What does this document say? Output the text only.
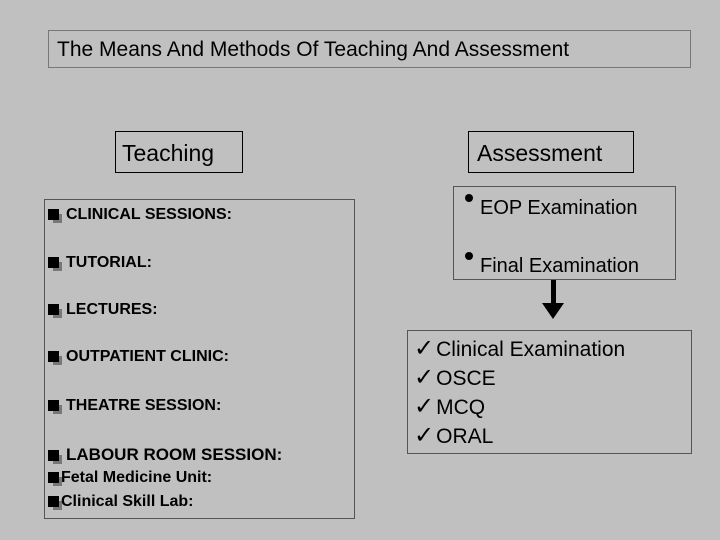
The Means And Methods Of Teaching And Assessment
Teaching	Assessment
CLINICAL SESSIONS:
TUTORIAL:
LECTURES:
OUTPATIENT CLINIC:
THEATRE SESSION:
LABOUR ROOM SESSION:
Fetal Medicine Unit:
Clinical Skill Lab:
EOP Examination
Final Examination
✓Clinical Examination
✓OSCE
✓MCQ
✓ORAL
